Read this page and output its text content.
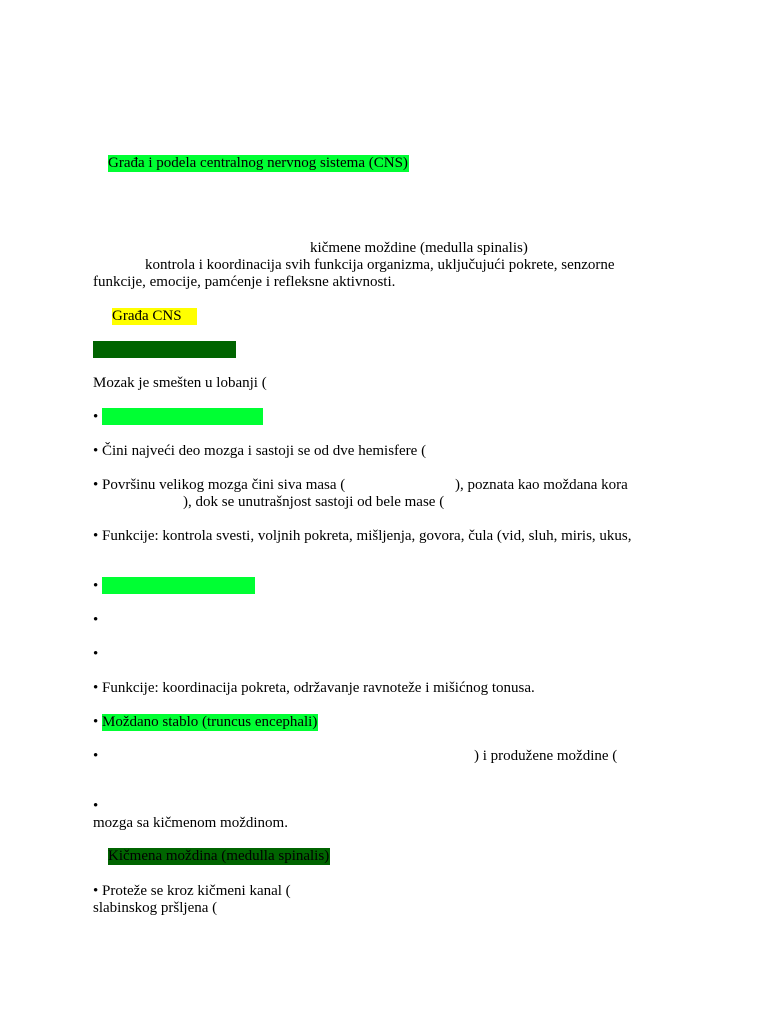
Građa i podela centralnog nervnog sistema (CNS)
kičmene moždine (medulla spinalis)
kontrola i koordinacija svih funkcija organizma, uključujući pokrete, senzorne
funkcije, emocije, pamćenje i refleksne aktivnosti.
Građa CNS
Mozak je smešten u lobanji (
•
• Čini najveći deo mozga i sastoji se od dve hemisfere (
• Površinu velikog mozga čini siva masa (	), poznata kao moždana kora
), dok se unutrašnjost sastoji od bele mase (
• Funkcije: kontrola svesti, voljnih pokreta, mišljenja, govora, čula (vid, sluh, miris, ukus,
•
•
•
• Funkcije: koordinacija pokreta, održavanje ravnoteže i mišićnog tonusa.
• Moždano stablo (truncus encephali)
•	) i produžene moždine (
•
mozga sa kičmenom moždinom.
Kičmena moždina (medulla spinalis)
• Proteže se kroz kičmeni kanal (
slabinskog pršljena (
